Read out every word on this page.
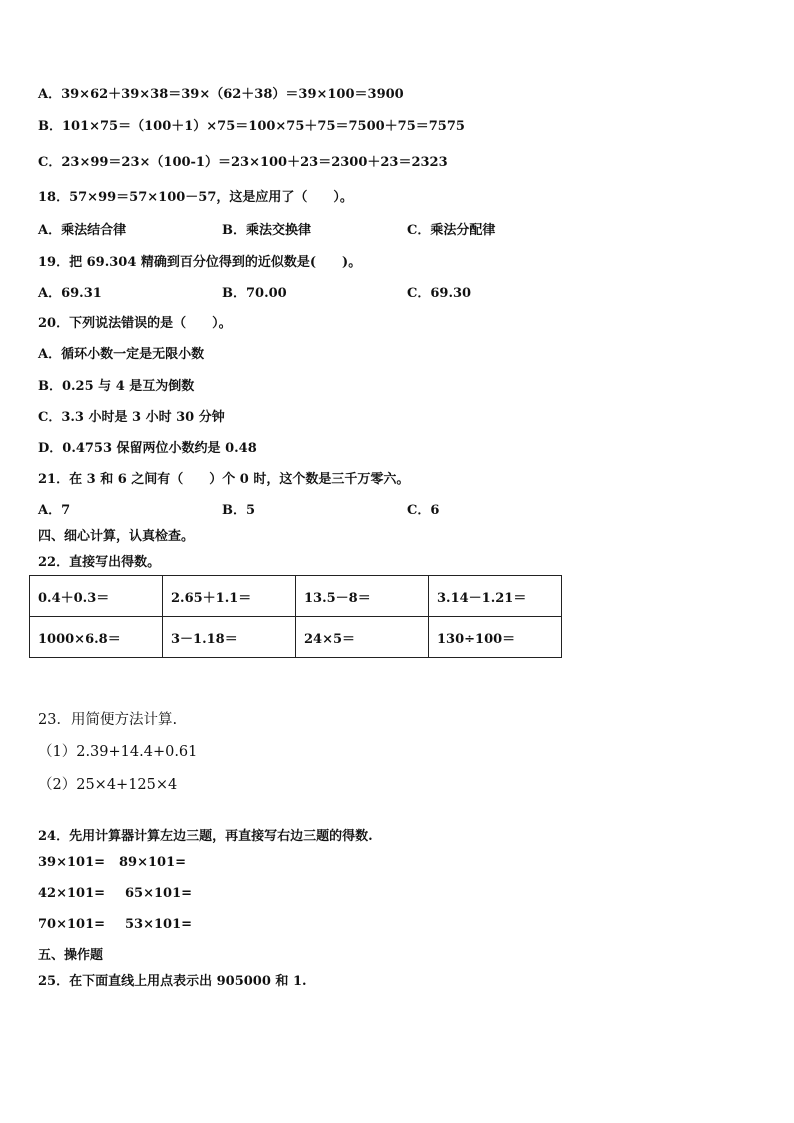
A．39×62＋39×38＝39×（62＋38）＝39×100＝3900
B．101×75＝（100＋1）×75＝100×75＋75＝7500＋75＝7575
C．23×99＝23×（100-1）＝23×100＋23＝2300＋23＝2323
18．57×99＝57×100－57，这是应用了（　　）。
A．乘法结合律	B．乘法交换律	C．乘法分配律
19．把 69.304 精确到百分位得到的近似数是(　　)。
A．69.31	B．70.00	C．69.30
20．下列说法错误的是（　　）。
A．循环小数一定是无限小数
B．0.25 与 4 是互为倒数
C．3.3 小时是 3 小时 30 分钟
D．0.4753 保留两位小数约是 0.48
21．在 3 和 6 之间有（　　）个 0 时，这个数是三千万零六。
A．7	B．5	C．6
四、细心计算，认真检查。
22．直接写出得数。
0.4＋0.3＝	2.65＋1.1＝	13.5－8＝	3.14－1.21＝
1000×6.8＝	3－1.18＝	24×5＝	130÷100＝
23．用简便方法计算.
（1）2.39+14.4+0.61
（2）25×4+125×4
24．先用计算器计算左边三题，再直接写右边三题的得数.
39×101= 89×101=
42×101= 65×101=
70×101= 53×101=
五、操作题
25．在下面直线上用点表示出 905000 和 1.
